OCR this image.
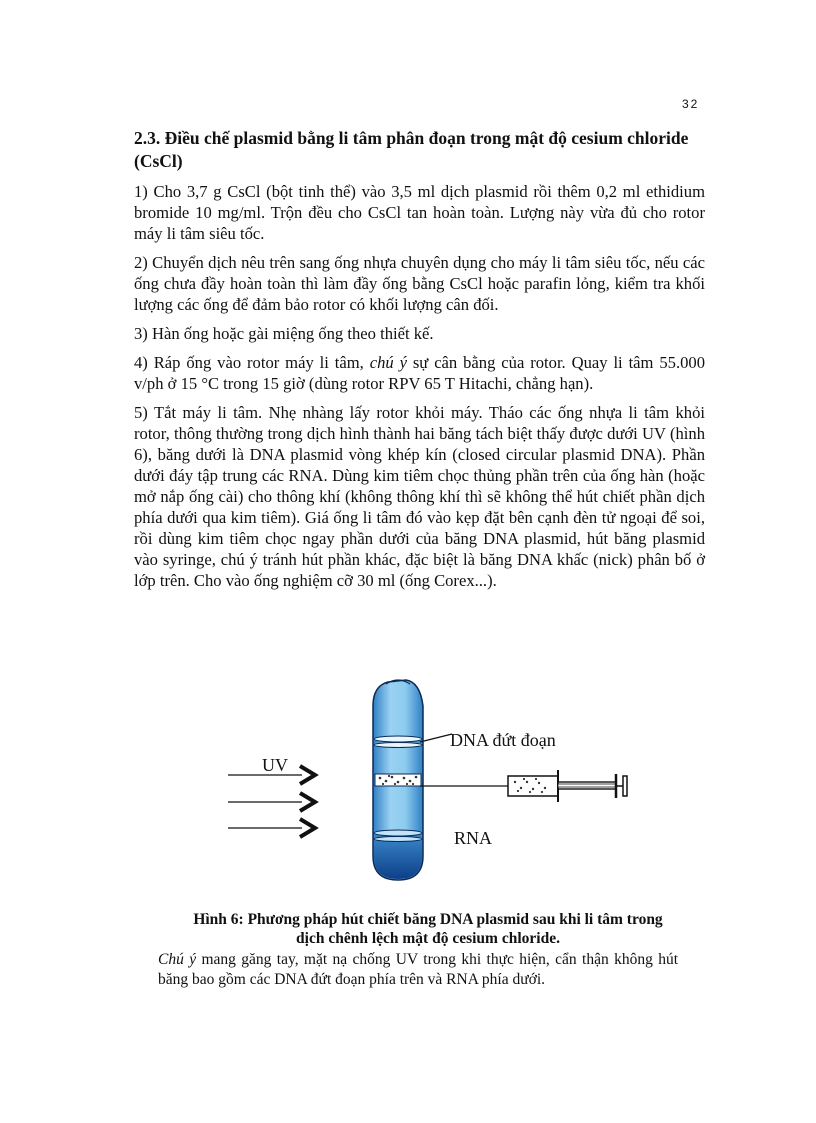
32

2.3. Điều chế plasmid bằng li tâm phân đoạn trong mật độ cesium chloride (CsCl)

1) Cho 3,7 g CsCl (bột tinh thể) vào 3,5 ml dịch plasmid rồi thêm 0,2 ml ethidium bromide 10 mg/ml. Trộn đều cho CsCl tan hoàn toàn. Lượng này vừa đủ cho rotor máy li tâm siêu tốc.

2) Chuyển dịch nêu trên sang ống nhựa chuyên dụng cho máy li tâm siêu tốc, nếu các ống chưa đầy hoàn toàn thì làm đầy ống bằng CsCl hoặc parafin lỏng, kiểm tra khối lượng các ống để đảm bảo rotor có khối lượng cân đối.

3) Hàn ống hoặc gài miệng ống theo thiết kế.

4) Ráp ống vào rotor máy li tâm, chú ý sự cân bằng của rotor. Quay li tâm 55.000 v/ph ở 15 °C trong 15 giờ (dùng rotor RPV 65 T Hitachi, chẳng hạn).

5) Tắt máy li tâm. Nhẹ nhàng lấy rotor khỏi máy. Tháo các ống nhựa li tâm khỏi rotor, thông thường trong dịch hình thành hai băng tách biệt thấy được dưới UV (hình 6), băng dưới là DNA plasmid vòng khép kín (closed circular plasmid DNA). Phần dưới đáy tập trung các RNA. Dùng kim tiêm chọc thủng phần trên của ống hàn (hoặc mở nắp ống cài) cho thông khí (không thông khí thì sẽ không thể hút chiết phần dịch phía dưới qua kim tiêm). Giá ống li tâm đó vào kẹp đặt bên cạnh đèn tử ngoại để soi, rồi dùng kim tiêm chọc ngay phần dưới của băng DNA plasmid, hút băng plasmid vào syringe, chú ý tránh hút phần khác, đặc biệt là băng DNA khấc (nick) phân bố ở lớp trên. Cho vào ống nghiệm cỡ 30 ml (ống Corex...).

UV
DNA đứt đoạn
RNA

Hình 6: Phương pháp hút chiết băng DNA plasmid sau khi li tâm trong dịch chênh lệch mật độ cesium chloride.

Chú ý mang găng tay, mặt nạ chống UV trong khi thực hiện, cẩn thận không hút băng bao gồm các DNA đứt đoạn phía trên và RNA phía dưới.
